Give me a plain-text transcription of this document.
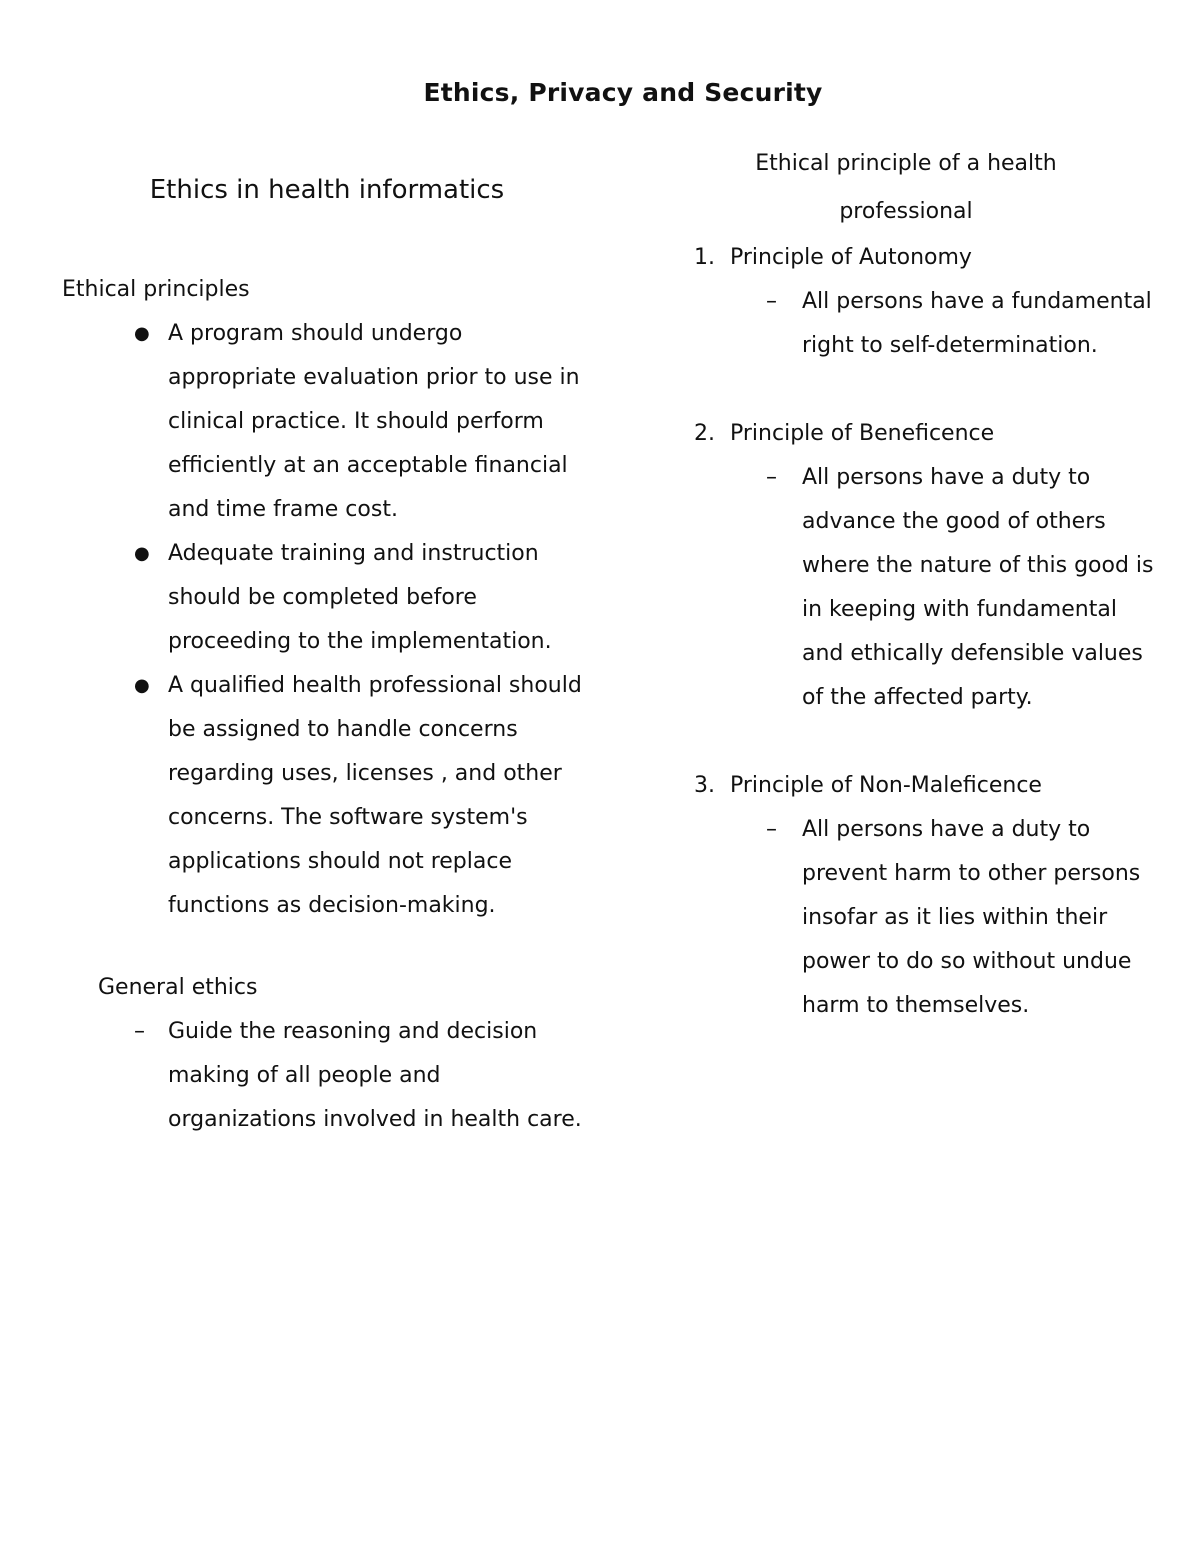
Ethics, Privacy and Security
Ethics in health informatics
Ethical principles
● A program should undergo appropriate evaluation prior to use in clinical practice. It should perform efficiently at an acceptable financial and time frame cost.
● Adequate training and instruction should be completed before proceeding to the implementation.
● A qualified health professional should be assigned to handle concerns regarding uses, licenses , and other concerns. The software system's applications should not replace functions as decision-making.
General ethics
– Guide the reasoning and decision making of all people and organizations involved in health care.
Ethical principle of a health professional
1. Principle of Autonomy
– All persons have a fundamental right to self-determination.
2. Principle of Beneficence
– All persons have a duty to advance the good of others where the nature of this good is in keeping with fundamental and ethically defensible values of the affected party.
3. Principle of Non-Maleficence
– All persons have a duty to prevent harm to other persons insofar as it lies within their power to do so without undue harm to themselves.
